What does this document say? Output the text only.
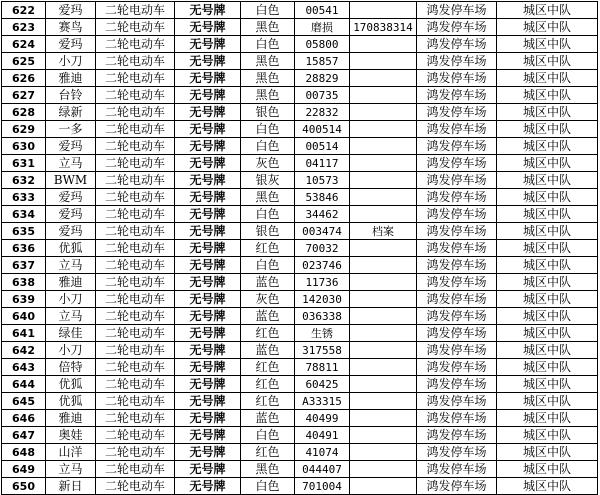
622	爱玛	二轮电动车	无号牌	白色	00541		鸿发停车场	城区中队
623	赛鸟	二轮电动车	无号牌	黑色	磨损	170838314	鸿发停车场	城区中队
624	爱玛	二轮电动车	无号牌	白色	05800		鸿发停车场	城区中队
625	小刀	二轮电动车	无号牌	黑色	15857		鸿发停车场	城区中队
626	雅迪	二轮电动车	无号牌	黑色	28829		鸿发停车场	城区中队
627	台铃	二轮电动车	无号牌	黑色	00735		鸿发停车场	城区中队
628	绿新	二轮电动车	无号牌	银色	22832		鸿发停车场	城区中队
629	一多	二轮电动车	无号牌	白色	400514		鸿发停车场	城区中队
630	爱玛	二轮电动车	无号牌	白色	00514		鸿发停车场	城区中队
631	立马	二轮电动车	无号牌	灰色	04117		鸿发停车场	城区中队
632	BWM	二轮电动车	无号牌	银灰	10573		鸿发停车场	城区中队
633	爱玛	二轮电动车	无号牌	黑色	53846		鸿发停车场	城区中队
634	爱玛	二轮电动车	无号牌	白色	34462		鸿发停车场	城区中队
635	爱玛	二轮电动车	无号牌	银色	003474	档案	鸿发停车场	城区中队
636	优狐	二轮电动车	无号牌	红色	70032		鸿发停车场	城区中队
637	立马	二轮电动车	无号牌	白色	023746		鸿发停车场	城区中队
638	雅迪	二轮电动车	无号牌	蓝色	11736		鸿发停车场	城区中队
639	小刀	二轮电动车	无号牌	灰色	142030		鸿发停车场	城区中队
640	立马	二轮电动车	无号牌	蓝色	036338		鸿发停车场	城区中队
641	绿佳	二轮电动车	无号牌	红色	生锈		鸿发停车场	城区中队
642	小刀	二轮电动车	无号牌	蓝色	317558		鸿发停车场	城区中队
643	倍特	二轮电动车	无号牌	红色	78811		鸿发停车场	城区中队
644	优狐	二轮电动车	无号牌	红色	60425		鸿发停车场	城区中队
645	优狐	二轮电动车	无号牌	红色	A33315		鸿发停车场	城区中队
646	雅迪	二轮电动车	无号牌	蓝色	40499		鸿发停车场	城区中队
647	奥娃	二轮电动车	无号牌	白色	40491		鸿发停车场	城区中队
648	山洋	二轮电动车	无号牌	红色	41074		鸿发停车场	城区中队
649	立马	二轮电动车	无号牌	黑色	044407		鸿发停车场	城区中队
650	新日	二轮电动车	无号牌	白色	701004		鸿发停车场	城区中队
